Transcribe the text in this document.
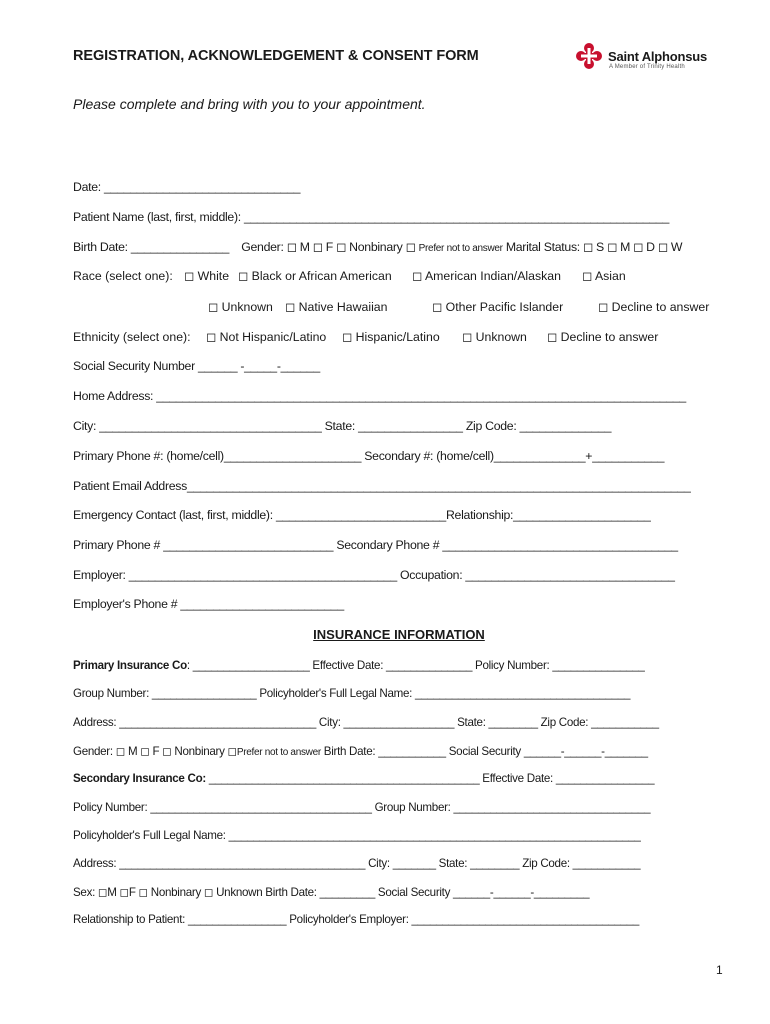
REGISTRATION, ACKNOWLEDGEMENT & CONSENT FORM	Saint Alphonsus
A Member of Trinity Health
Please complete and bring with you to your appointment.
Date: ______________________________
Patient Name (last, first, middle): _________________________________________________________________
Birth Date: _______________ Gender: ◻ M ◻ F ◻ Nonbinary ◻ Prefer not to answer Marital Status: ◻ S ◻ M ◻ D ◻ W
Race (select one): ◻ White ◻ Black or African American ◻ American Indian/Alaskan ◻ Asian
◻ Unknown ◻ Native Hawaiian	◻ Other Pacific Islander	◻ Decline to answer
Ethnicity (select one): ◻ Not Hispanic/Latino ◻ Hispanic/Latino ◻ Unknown ◻ Decline to answer
Social Security Number ______ -_____-______
Home Address: _________________________________________________________________________________
City: __________________________________ State: ________________ Zip Code: ______________
Primary Phone #: (home/cell)_____________________ Secondary #: (home/cell)______________+___________
Patient Email Address_____________________________________________________________________________
Emergency Contact (last, first, middle): __________________________Relationship:_____________________
Primary Phone # __________________________ Secondary Phone # ____________________________________
Employer: _________________________________________ Occupation: ________________________________
Employer's Phone # _________________________
INSURANCE INFORMATION
Primary Insurance Co: ___________________ Effective Date: ______________ Policy Number: _______________
Group Number: _________________ Policyholder's Full Legal Name: ___________________________________
Address: ________________________________ City: __________________ State: ________ Zip Code: ___________
Gender: ◻ M ◻ F ◻ Nonbinary ◻Prefer not to answer Birth Date: ___________ Social Security ______-______-_______
Secondary Insurance Co: ____________________________________________ Effective Date: ________________
Policy Number: ____________________________________ Group Number: ________________________________
Policyholder's Full Legal Name: ___________________________________________________________________
Address: ________________________________________ City: _______ State: ________ Zip Code: ___________
Sex: ◻M ◻F ◻ Nonbinary ◻ Unknown Birth Date: _________ Social Security ______-______-_________
Relationship to Patient: ________________ Policyholder's Employer: _____________________________________
1
